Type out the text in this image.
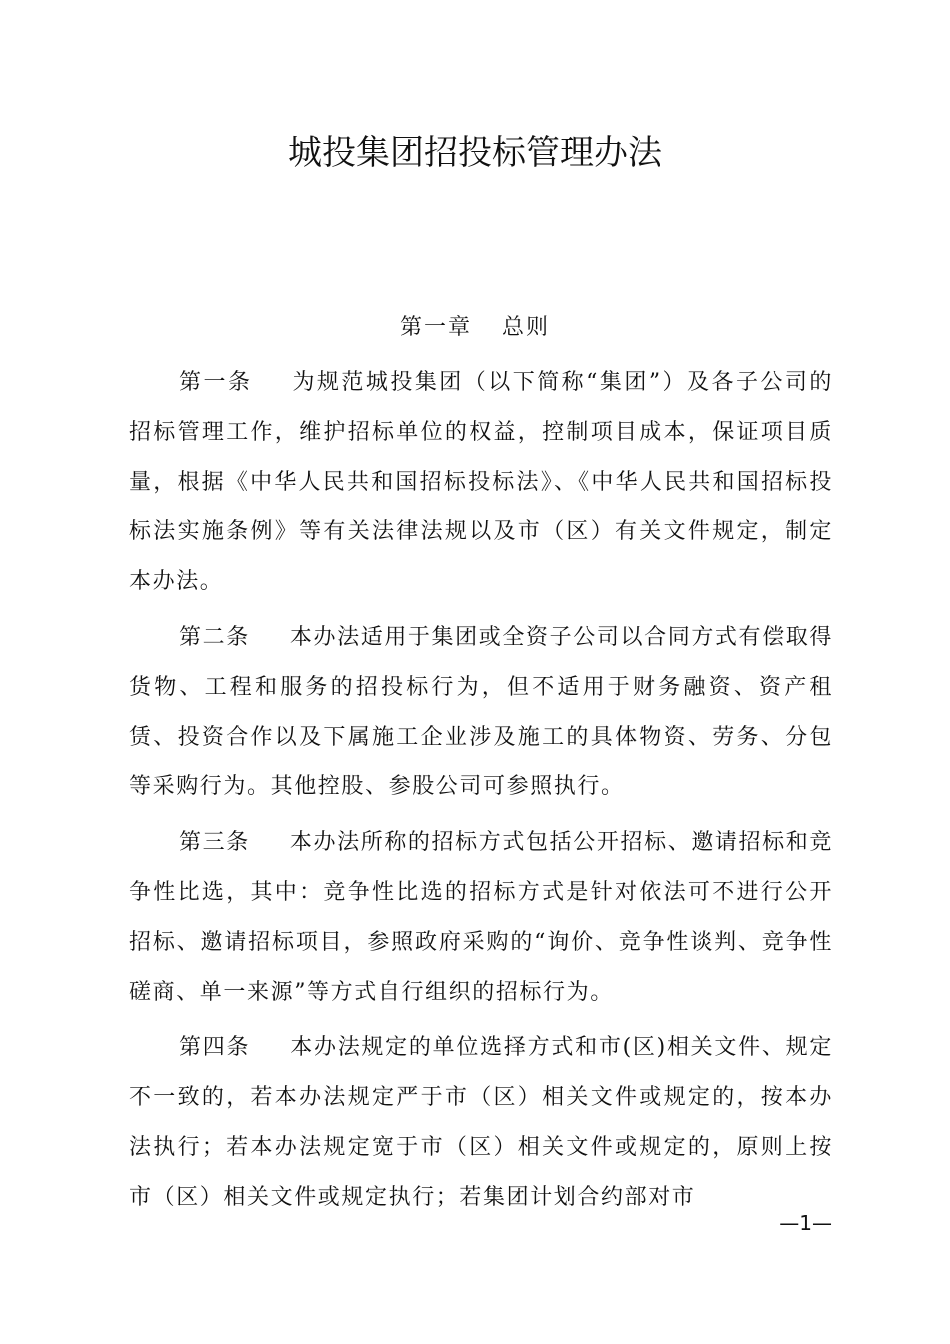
城投集团招投标管理办法
第一章 总则

第一条 为规范城投集团（以下简称“集团”）及各子公司的招标管理工作，维护招标单位的权益，控制项目成本，保证项目质量，根据《中华人民共和国招标投标法》、《中华人民共和国招标投标法实施条例》等有关法律法规以及市（区）有关文件规定，制定本办法。

第二条 本办法适用于集团或全资子公司以合同方式有偿取得货物、工程和服务的招投标行为，但不适用于财务融资、资产租赁、投资合作以及下属施工企业涉及施工的具体物资、劳务、分包等采购行为。其他控股、参股公司可参照执行。

第三条 本办法所称的招标方式包括公开招标、邀请招标和竞争性比选，其中：竞争性比选的招标方式是针对依法可不进行公开招标、邀请招标项目，参照政府采购的“询价、竞争性谈判、竞争性磋商、单一来源”等方式自行组织的招标行为。

第四条 本办法规定的单位选择方式和市(区)相关文件、规定不一致的，若本办法规定严于市（区）相关文件或规定的，按本办法执行；若本办法规定宽于市（区）相关文件或规定的，原则上按市（区）相关文件或规定执行；若集团计划合约部对市

—1—
